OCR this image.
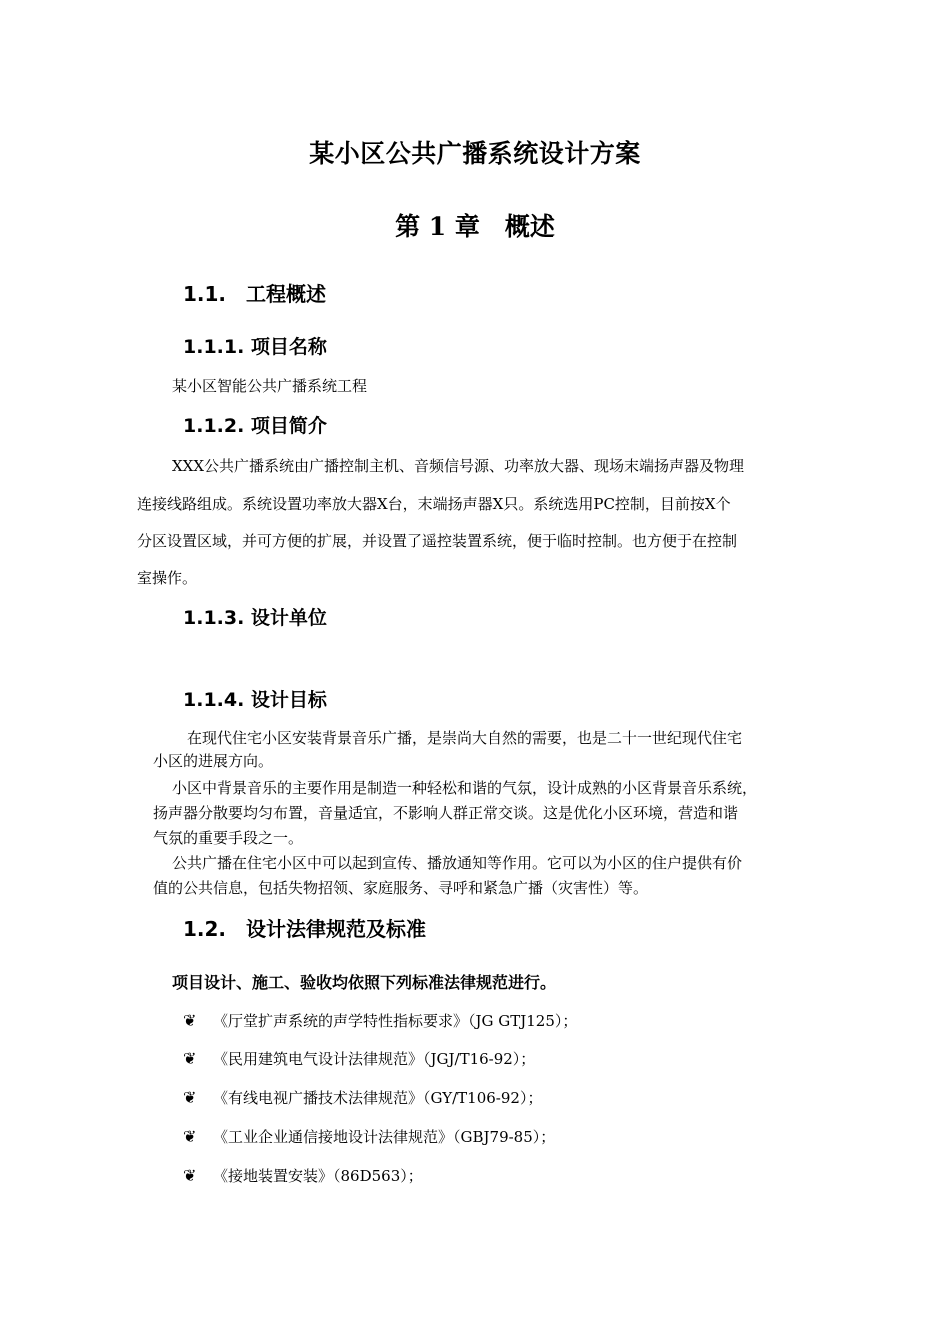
某小区公共广播系统设计方案
第 1 章　概述
1.1.　工程概述
1.1.1. 项目名称
某小区智能公共广播系统工程
1.1.2. 项目简介
XXX公共广播系统由广播控制主机、音频信号源、功率放大器、现场末端扬声器及物理
连接线路组成。系统设置功率放大器X台，末端扬声器X只。系统选用PC控制，目前按X个
分区设置区域，并可方便的扩展，并设置了遥控装置系统，便于临时控制。也方便于在控制
室操作。
1.1.3. 设计单位
1.1.4. 设计目标
在现代住宅小区安装背景音乐广播，是崇尚大自然的需要，也是二十一世纪现代住宅
小区的进展方向。
小区中背景音乐的主要作用是制造一种轻松和谐的气氛，设计成熟的小区背景音乐系统，
扬声器分散要均匀布置，音量适宜，不影响人群正常交谈。这是优化小区环境，营造和谐
气氛的重要手段之一。
公共广播在住宅小区中可以起到宣传、播放通知等作用。它可以为小区的住户提供有价
值的公共信息，包括失物招领、家庭服务、寻呼和紧急广播（灾害性）等。
1.2.　设计法律规范及标准
项目设计、施工、验收均依照下列标准法律规范进行。
❦ 《厅堂扩声系统的声学特性指标要求》（JG GTJ125）；
❦ 《民用建筑电气设计法律规范》（JGJ/T16-92）；
❦ 《有线电视广播技术法律规范》（GY/T106-92）；
❦ 《工业企业通信接地设计法律规范》（GBJ79-85）；
❦ 《接地装置安装》（86D563）；
